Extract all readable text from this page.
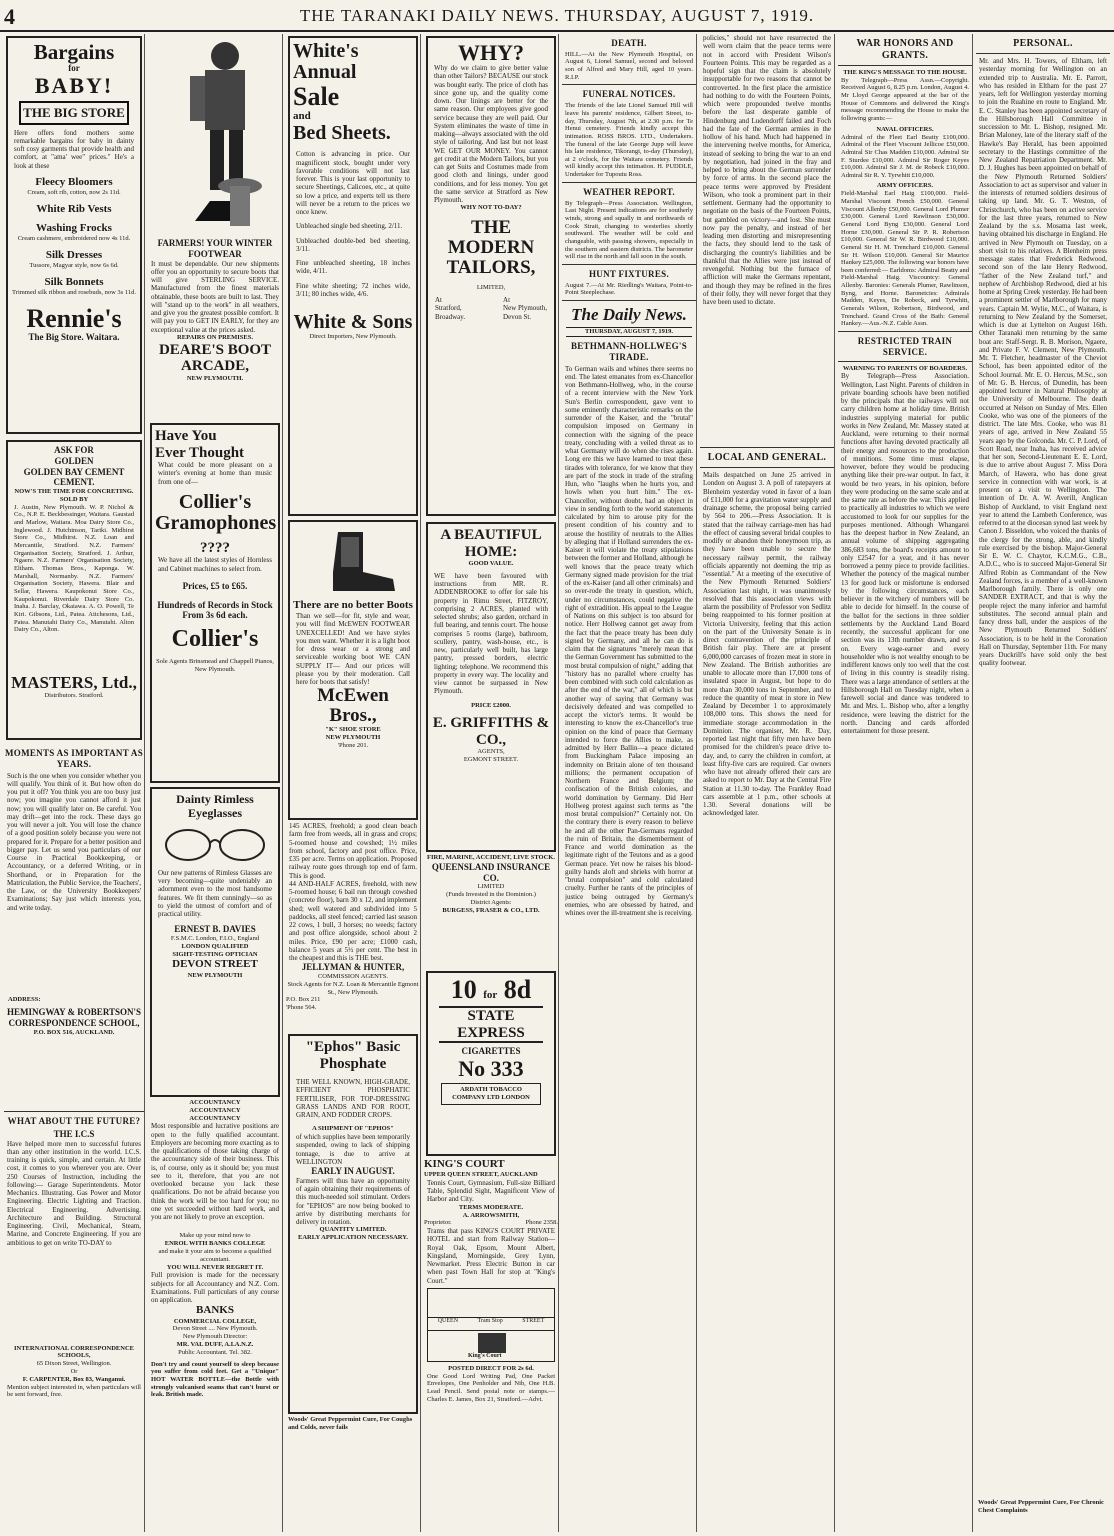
4	THE TARANAKI DAILY NEWS. THURSDAY, AUGUST 7, 1919.
Bargains
for
BABY!
THE BIG STORE

Here offers fond mothers some remarkable bargains for baby in dainty soft cosy garments that provide health and comfort, at "ama' wee" prices." He's a look at these

Fleecy Bloomers
Cream, soft rib, cotton, now 2s 11d.
White Rib Vests
Washing Frocks
Cream cashmere, embroidered now 4s 11d.
Silk Dresses
Tussore, Magyar style, now 6s 6d.
Silk Bonnets
Trimmed silk ribbon and rosebuds, now 3s 11d.
Rennie's
The Big Store. Waitara.
ASK FOR
GOLDEN
GOLDEN BAY CEMENT
CEMENT.
NOW'S THE TIME FOR CONCRETING.
SOLD BY

J. Austin, New Plymouth. W. P. Nichol & Co., N.P. E. Beckbessinger, Waitara. Gaustad and Marlow, Waitara. Moa Dairy Store Co., Inglewood. J. Hutchinson, Tariki. Midhirst Store Co., Midhirst. N.Z. Loan and Mercantile, Stratford. N.Z. Farmers' Organisation Society, Stratford. J. Arthur, Ngaere. N.Z. Farmers' Organisation Society, Eltham. Thomas Bros., Kaponga. W. Marshall, Normanby. N.Z. Farmers' Organisation Society, Hawera. Blair and Sellar, Hawera. Kaupokonui Store Co., Kaupokonui. Riverdale Dairy Store Co. Inaha. J. Barclay, Okaiawa. A. O. Powell, Te Kiri. Gibsons, Ltd., Patea. Aitchesons, Ltd., Patea. Manutahi Dairy Co., Manutahi. Alton Dairy Co., Alton.

MASTERS, Ltd.,
Distributors. Stratford.
MOMENTS AS IMPORTANT AS YEARS.

Such is the one when you consider whether you will qualify. You think of it. But how often do you put it off? You think you are too busy just now; you imagine you cannot afford it just now; you will qualify later on. Be careful. You may drift—get into the rock. These days go you will never a jolt. You will lose the chance of a good position solely because you were not prepared for it. Prepare for a better position and bigger pay. Let us send you particulars of our Course in Practical Bookkeeping, or Accountancy, or a deferred Writing, or in Shorthand, or in Preparation for the Matriculation, the Public Service, the Teachers', the Law, or the University Bookkeepers' Examinations; Say just which interests you, and write today.

ADDRESS:
HEMINGWAY & ROBERTSON'S CORRESPONDENCE SCHOOL,
P.O. BOX 516, AUCKLAND.
WHAT ABOUT THE FUTURE?
THE I.C.S

Have helped more men to successful futures than any other institution in the world. I.C.S. training is quick, simple, and certain. At little cost, it comes to you wherever you are. Over 250 Courses of Instruction, including the following:— Garage Superintendents. Motor Mechanics. Illustrating. Gas Power and Motor Engineering. Electric Lighting and Traction. Electrical Engineering. Advertising. Architecture and Building. Structural Engineering. Civil, Mechanical, Steam, Marine, and Concrete Engineering. If you are ambitious to get on write TO-DAY to

INTERNATIONAL CORRESPONDENCE SCHOOLS,
65 Dixon Street, Wellington.
Or
F. CARPENTER, Box 83, Wanganui.

Mention subject interested in, when particulars will be sent forward, free.

FARMERS! YOUR WINTER FOOTWEAR

It must be dependable. Our new shipments offer you an opportunity to secure boots that will give STERLING SERVICE. Manufactured from the finest materials obtainable, these boots are built to last. They will "stand up to the work" in all weathers, and give you the greatest possible comfort. It will pay you to GET IN EARLY, for they are exceptional value at the prices asked.

REPAIRS ON PREMISES.
DEARE'S BOOT ARCADE,
NEW PLYMOUTH.
Have You
Ever Thought

What could be more pleasant on a winter's evening at home than music from one of—

Collier's Gramophones
????

We have all the latest styles of Hornless and Cabinet machines to select from.

Prices, £5 to £65.
Hundreds of Records in Stock From 3s 6d each.
Collier's
Sole Agents Brinsmead and Chappell Pianos, New Plymouth.
Dainty Rimless Eyeglasses

Our new patterns of Rimless Glasses are very becoming—quite undeniably an adornment even to the most handsome features. We fit them cunningly—so as to yield the utmost of comfort and of practical utility.

ERNEST B. DAVIES
F.S.M.C. London, F.I.O., England
LONDON QUALIFIED
SIGHT-TESTING OPTICIAN
DEVON STREET
NEW PLYMOUTH
ACCOUNTANCY
ACCOUNTANCY
ACCOUNTANCY

Most responsible and lucrative positions are open to the fully qualified accountant. Employers are becoming more exacting as to the qualifications of those taking charge of the accountancy side of their business. This is, of course, only as it should be; you must see to it, therefore, that you are not overlooked because you lack these qualifications. Do not be afraid because you think the work will be too hard for you; no one yet succeeded without hard work, and you are not likely to prove an exception.

Make up your mind now to
ENROL WITH BANKS COLLEGE
and make it your aim to become a qualified accountant.
YOU WILL NEVER REGRET IT.

Full provision is made for the necessary subjects for all Accountancy and N.Z. Com. Examinations. Full particulars of any course on application.

BANKS
COMMERCIAL COLLEGE,
Devon Street .... New Plymouth.
New Plymouth Director:
MR. VAL DUFF, A.I.A.N.Z.
Public Accountant. Tel. 382.

Don't try and count yourself to sleep because you suffer from cold feet. Get a "Unique" HOT WATER BOTTLE—the Bottle with strongly vulcanised seams that can't burst or leak. British made.

White's
Annual
Sale
and
Bed Sheets.

Cotton is advancing in price. Our magnificent stock, bought under very favorable conditions will not last forever. This is your last opportunity to secure Sheetings, Calicoes, etc., at quite so low a price, and experts tell us there will never be a return to the prices we once knew.

Unbleached single bed sheeting, 2/11.

Unbleached double-bed bed sheeting, 3/11.

Fine unbleached sheeting, 18 inches wide, 4/11.

Fine white sheeting; 72 inches wide, 3/11; 80 inches wide, 4/6.

White & Sons
Direct Importers, New Plymouth.
There are no better Boots

Than we sell—for fit, style and wear, you will find McEWEN FOOTWEAR UNEXCELLED! And we have styles you men want. Whether it is a light boot for dress wear or a strong and serviceable working boot WE CAN SUPPLY IT— And our prices will please you by their moderation. Call here for boots that satisfy!

McEwen Bros.,
"K" SHOE STORE
NEW PLYMOUTH
'Phone 201.

145 ACRES, freehold; a good clean beach farm free from weeds, all in grass and crops; 5-roomed house and cowshed; 1½ miles from school, factory and post office. Price, £35 per acre. Terms on application. Proposed railway route goes through top end of farm. This is good.

44 AND-HALF ACRES, freehold, with new 5-roomed house; 6 bail run through cowshed (concrete floor), barn 30 x 12, and implement shed; well watered and subdivided into 5 paddocks, all steel fenced; carried last season 22 cows, 1 bull, 3 horses; no weeds; factory and post office alongside, school about 2 miles. Price, £90 per acre; £1000 cash, balance 5 years at 5½ per cent. The best in the cheapest and this is THE best.

JELLYMAN & HUNTER,
COMMISSION AGENTS.
Stock Agents for N.Z. Loan & Mercantile Egmont St., New Plymouth.
P.O. Box 211
'Phone 564.
"Ephos" Basic Phosphate

THE WELL KNOWN, HIGH-GRADE, EFFICIENT PHOSPHATIC FERTILISER, FOR TOP-DRESSING GRASS LANDS AND FOR ROOT, GRAIN, AND FODDER CROPS.

A SHIPMENT OF "EPHOS"

of which supplies have been temporarily suspended, owing to lack of shipping tonnage, is due to arrive at WELLINGTON

EARLY IN AUGUST.

Farmers will thus have an opportunity of again obtaining their requirements of this much-needed soil stimulant. Orders for "EPHOS" are now being booked to arrive by distributing merchants for delivery in rotation.

QUANTITY LIMITED.
EARLY APPLICATION NECESSARY.
Woods' Great Peppermint Cure, For Coughs and Colds, never fails
WHY?

Why do we claim to give better value than other Tailors? BECAUSE our stock was bought early. The price of cloth has since gone up, and the quality come down. Our linings are better for the same reason. Our employees give good service because they are well paid. Our System eliminates the waste of time in making—always associated with the old style of tailoring. And last but not least WE GET OUR MONEY. You cannot get credit at the Modern Tailors, but you can get Suits and Costumes made from good cloth and linings, under good conditions, and for less money. You get the same service at Stratford as New Plymouth.

WHY NOT TO-DAY?
THE MODERN TAILORS,
LIMITED,
At
Stratford,
Broadway.
At
New Plymouth,
Devon St.
A BEAUTIFUL HOME:
GOOD VALUE.

WE have been favoured with instructions from MR. R. ADDENBROOKE to offer for sale his property in Rimu Street, FITZROY, comprising 2 ACRES, planted with selected shrubs; also garden, orchard in full bearing, and tennis court. The house comprises 5 rooms (large), bathroom, scullery, pantry, wash-house, etc., is new, particularly well built, has large pantry, pressed borders, electric lighting; telephone. We recommend this property in every way. The locality and view cannot be surpassed in New Plymouth.

PRICE £2000.
E. GRIFFITHS & CO.,
AGENTS,
EGMONT STREET.
FIRE, MARINE, ACCIDENT, LIVE STOCK.
QUEENSLAND INSURANCE CO.
LIMITED
(Funds Invested in the Dominion.)
District Agents:
BURGESS, FRASER & CO., LTD.
10 for 8d
STATE EXPRESS
CIGARETTES
No 333
ARDATH TOBACCO COMPANY LTD LONDON
KING'S COURT
UPPER QUEEN STREET, AUCKLAND

Tennis Court, Gymnasium, Full-size Billiard Table, Splendid Sight, Magnificent View of Harbor and City.

TERMS MODERATE.
A. ARROWSMITH,
Proprietor.	Phone 2358.

Trams that pass KING'S COURT PRIVATE HOTEL and start from Railway Station—Royal Oak, Epsom, Mount Albert, Kingsland, Morningside, Grey Lynn, Newmarket. Press Electric Button in car when past Town Hall for stop at "King's Court."

QUEEN	Tram Stop	STREET
King's Court
POSTED DIRECT FOR 2s 6d.

One Good Lord Writing Pad, One Packet Envelopes, One Penholder and Nib, One H.B. Lead Pencil. Send postal note or stamps.—Charles E. James, Box 21, Stratford.—Advt.

DEATH.

HILL.—At the New Plymouth Hospital, on August 6, Lionel Samuel, second and beloved son of Alfred and Mary Hill, aged 10 years. R.I.P.

FUNERAL NOTICES.

The friends of the late Lionel Samuel Hill will leave his parents' residence, Gilbert Street, to-day, Thursday, August 7th, at 2.30 p.m. for Te Henui cemetery. Friends kindly accept this intimation. ROSS BROS. LTD., Undertakers. The funeral of the late George Jupp will leave his late residence, Tikorangi, to-day (Thursday), at 2 o'clock, for the Waitara cemetery. Friends will kindly accept this intimation. H. PUDDLE, Undertaker for Tupoutu Ross.

WEATHER REPORT.

By Telegraph—Press Association. Wellington, Last Night. Present indications are for southerly winds, strong and squally in and northwards of Cook Strait, changing to westerlies shortly southward. The weather will be cold and changeable, with passing showers, especially in the southern and eastern districts. The barometer will rise in the north and fall soon in the south.

HUNT FIXTURES.

August 7.—At Mr. Riedling's Waitara, Point-to-Point Steeplechase.

The Daily News.
THURSDAY, AUGUST 7, 1919.
BETHMANN-HOLLWEG'S TIRADE.

To German wails and whines there seems no end. The latest emanates from ex-Chancellor von Bethmann-Hollweg, who, in the course of a recent interview with the New York Sun's Berlin correspondent, gave vent to some eminently characteristic remarks on the surrender of the Kaiser, and the "brutal" compulsion imposed on Germany in connection with the signing of the peace treaty, concluding with a veiled threat as to what Germany will do when she rises again. Long ere this we have learned to treat these tirades with tolerance, for we know that they are part of the stock in trade of the strafing Hun, who "laughs when he hurts you, and howls when you hurt him." The ex-Chancellor, without doubt, had an object in view in sending forth to the world statements calculated by him to arouse pity for the present condition of his country and to arouse the hostility of neutrals to the Allies by alleging that if Holland surrenders the ex-Kaiser it will violate the treaty stipulations between the former and Holland, although he well knows that the peace treaty which Germany signed made provision for the trial of the ex-Kaiser (and all other criminals) and so over-rode the treaty in question, which, under no circumstances, could negative the right of extradition. His appeal to the League of Nations on this subject is too absurd for notice. Herr Hollweg cannot get away from the fact that the peace treaty has been duly signed by Germany, and all he can do is claim that the signatures "merely mean that the German Government has submitted to the most brutal compulsion of night," adding that "history has no parallel where cruelty has been combined with such cold calculation as after the end of the war," all of which is but another way of saying that Germany was decisively defeated and was compelled to accept the victor's terms. It would be interesting to know the ex-Chancellor's true opinion on the kind of peace that Germany intended to force the Allies to make, as admitted by Herr Ballin—a peace dictated from Buckingham Palace imposing an indemnity on Britain alone of ten thousand millions; the permanent occupation of Northern France and Belgium; the confiscation of the British colonies, and world domination by Germany. Did Herr Hollweg protest against such terms as "the most brutal compulsion?" Certainly not. On the contrary there is every reason to believe he and all the other Pan-Germans regarded the ruin of Britain, the dismemberment of France and world domination as the legitimate right of the Teutons and as a good German peace. Yet now he raises his blood-guilty hands aloft and shrieks with horror at "brutal compulsion" and cold calculated cruelty. Further he rants of the principles of justice being outraged by Germany's enemies, who are obsessed by hatred, and whines over the ill-treatment she is receiving.

policies," should not have resurrected the well worn claim that the peace terms were not in accord with President Wilson's Fourteen Points. This may be regarded as a hopeful sign that the claim is absolutely insupportable for two reasons that cannot be controverted. In the first place the armistice had nothing to do with the Fourteen Points, which were propounded twelve months before the last desperate gamble of Hindenburg and Ludendorff failed and Foch had the fate of the German armies in the hollow of his hand. Much had happened in the intervening twelve months, for America, instead of seeking to bring the war to an end by negotiation, had joined in the fray and helped to bring about the German surrender by force of arms. In the second place the peace terms were approved by President Wilson, who took a prominent part in their settlement. Germany had the opportunity to negotiate on the basis of the Fourteen Points, but gambled on victory—and lost. She must now pay the penalty, and instead of her leading men distorting and misrepresenting the facts, they should lend to the task of discharging the country's liabilities and be thankful that the Allies were just instead of revengeful. Nothing but the furnace of affliction will make the Germans repentant, and though they may be refined in the fires of their folly, they will never forget that they have been used to dictate.

LOCAL AND GENERAL.

Mails despatched on June 25 arrived in London on August 3. A poll of ratepayers at Blenheim yesterday voted in favor of a loan of £11,000 for a gravitation water supply and drainage scheme, the proposal being carried by 564 to 206.—Press Association. It is stated that the railway carriage-men has had the effect of causing several bridal couples to modify or abandon their honeymoon trip, as they have been unable to secure the necessary railway permit, the railway officials apparently not deeming the trip as "essential." At a meeting of the executive of the New Plymouth Returned Soldiers' Association last night, it was unanimously resolved that this association views with alarm the possibility of Professor von Sedlitz being reappointed to his former position at Victoria University, feeling that this action on the part of the University Senate is in direct contravention of the principle of British fair play. There are at present 6,000,000 carcases of frozen meat in store in New Zealand. The British authorities are unable to allocate more than 17,000 tons of insulated space in August, but hope to do more than 30,000 tons in September, and to reduce the quantity of meat in store in New Zealand by December 1 to approximately 108,000 tons. This shows the need for immediate storage accommodation in the Dominion. The organiser, Mr. R. Day, reported last night that fifty men have been promised for the children's peace drive to-day, and, to carry the children in comfort, at least fifty-five cars are required. Car owners who have not already offered their cars are asked to report to Mr. Day at the Central Fire Station at 11.30 to-day. The Frankley Road cars assemble at 1 p.m., other schools at 1.30. Several donations will be acknowledged later.

WAR HONORS AND GRANTS.
THE KING'S MESSAGE TO THE HOUSE.

By Telegraph—Press Assn.—Copyright. Received August 6, 8.25 p.m. London, August 4. Mr Lloyd George appeared at the bar of the House of Commons and delivered the King's message recommending the House to make the following grants:—

NAVAL OFFICERS.

Admiral of the Fleet Earl Beatty £100,000. Admiral of the Fleet Viscount Jellicoe £50,000. Admiral Sir Chas Madden £10,000. Admiral Sir F. Sturdee £10,000. Admiral Sir Roger Keyes £10,000. Admiral Sir J. M. de Robeck £10,000. Admiral Sir R. Y. Tyrwhitt £10,000.

ARMY OFFICERS.

Field-Marshal Earl Haig £100,000. Field-Marshal Viscount French £50,000. General Viscount Allenby £50,000. General Lord Plumer £30,000. General Lord Rawlinson £30,000. General Lord Byng £30,000. General Lord Horne £30,000. General Sir P. R. Robertson £10,000. General Sir W. R. Birdwood £10,000. General Sir H. M. Trenchard £10,000. General Sir H. Wilson £10,000. General Sir Maurice Hankey £25,000. The following war honors have been conferred:— Earldoms: Admiral Beatty and Field-Marshal Haig. Viscountcy: General Allenby. Baronies: Generals Plumer, Rawlinson, Byng, and Horne. Baronetcies: Admirals Madden, Keyes, De Robeck, and Tyrwhitt, Generals Wilson, Robertson, Birdwood, and Trenchard. Grand Cross of the Bath: General Hankey.—Aus.-N.Z. Cable Assn.

RESTRICTED TRAIN SERVICE.
WARNING TO PARENTS OF BOARDERS.

By Telegraph—Press Association. Wellington, Last Night. Parents of children in private boarding schools have been notified by the principals that the railways will not carry children home at holiday time. British industries supplying material for public works in New Zealand, Mr. Massey stated at Auckland, were returning to their normal functions after having devoted practically all their energy and resources to the production of munitions. Some time must elapse, however, before they would be producing anything like their pre-war output. In fact, it would be two years, in his opinion, before they were producing on the same scale and at the same rate as before the war. This applied to practically all industries to which we were accustomed to look for our supplies for the purposes mentioned. Although Whangarei has the deepest harbor in New Zealand, an annual volume of shipping aggregating 386,683 tons, the board's receipts amount to only £2547 for a year, and it has never borrowed a penny piece to provide facilities. Whether the potency of the magical number 13 for good luck or misfortune is endorsed by the following circumstances, each believer in the witchery of numbers will be able to decide for himself. In the course of the ballot for the sections in three soldier settlements by the Auckland Land Board recently, the successful applicant for one section was its 13th number drawn, and so on. Every wage-earner and every householder who is not wealthy enough to be indifferent knows only too well that the cost of living in this country is steadily rising. There was a large attendance of settlers at the Hillsborough Hall on Tuesday night, when a farewell social and dance was tendered to Mr. and Mrs. L. Bishop who, after a lengthy residence, were leaving the district for the north. Dancing and cards afforded entertainment for those present.

PERSONAL.

Mr. and Mrs. H. Towers, of Eltham, left yesterday morning for Wellington on an extended trip to Australia. Mr. E. Parrott, who has resided in Eltham for the past 27 years, left for Wellington yesterday morning to join the Ruahine en route to England. Mr. E. C. Stanley has been appointed secretary of the Hillsborough Hall Committee in succession to Mr. L. Bishop, resigned. Mr. Brian Maloney, late of the literary staff of the Hawke's Bay Herald, has been appointed secretary to the Hastings committee of the New Zealand Repatriation Department. Mr. D. J. Hughes has been appointed on behalf of the New Plymouth Returned Soldiers' Association to act as supervisor and valuer in the interests of returned soldiers desirous of taking up land. Mr. G. T. Weston, of Christchurch, who has been on active service for the last three years, returned to New Zealand by the s.s. Mosama last week, having obtained his discharge in England. He arrived in New Plymouth on Tuesday, on a short visit to his relatives. A Blenheim press message states that Frederick Redwood, second son of the late Henry Redwood, "father of the New Zealand turf," and nephew of Archbishop Redwood, died at his home at Spring Creek yesterday. He had been a prominent settler of Marlborough for many years. Captain M. Wylie, M.C., of Waitara, is returning to New Zealand by the Somerset, which is due at Lyttelton on August 16th. Other Taranaki men returning by the same boat are: Staff-Sergt. R. B. Morison, Ngaere, and Private F. V. Clement, New Plymouth. Mr. T. Fletcher, headmaster of the Cheviot School, has been appointed editor of the School Journal. Mr. E. O. Hercus, M.Sc., son of Mr. G. B. Hercus, of Dunedin, has been appointed lecturer in Natural Philosophy at the University of Melbourne. The death occurred at Nelson on Sunday of Mrs. Ellen Cooke, who was one of the pioneers of the district. The late Mrs. Cooke, who was 81 years of age, arrived in New Zealand 55 years ago by the Golconda. Mr. C. P. Lord, of Scott Road, near Inaha, has received advice that her son, Second-Lieutenant E. E. Lord, is due to arrive about August 7. Miss Dora March, of Hawera, who has done great service in connection with war work, is at present on a visit to Wellington. The intention of Dr. A. W. Averill, Anglican Bishop of Auckland, to visit England next year to attend the Lambeth Conference, was referred to at the diocesan synod last week by Canon J. Bisseldon, who voiced the thanks of the clergy for the strong, able, and kindly rule exercised by the bishop. Major-General Sir E. W. C. Chaytor, K.C.M.G., C.B., A.D.C., who is to succeed Major-General Sir Alfred Robin as Commandant of the New Zealand forces, is a member of a well-known Marlborough family. There is only one SANDER EXTRACT, and that is why the people reject the many inferior and harmful substitutes. The second annual plain and fancy dress ball, under the auspices of the New Plymouth Returned Soldiers' Association, is to be held in the Coronation Hall on Thursday, September 11th. For many years Duckrill's have sold only the best quality footwear.

Woods' Great Peppermint Cure, For Chronic Chest Complaints
